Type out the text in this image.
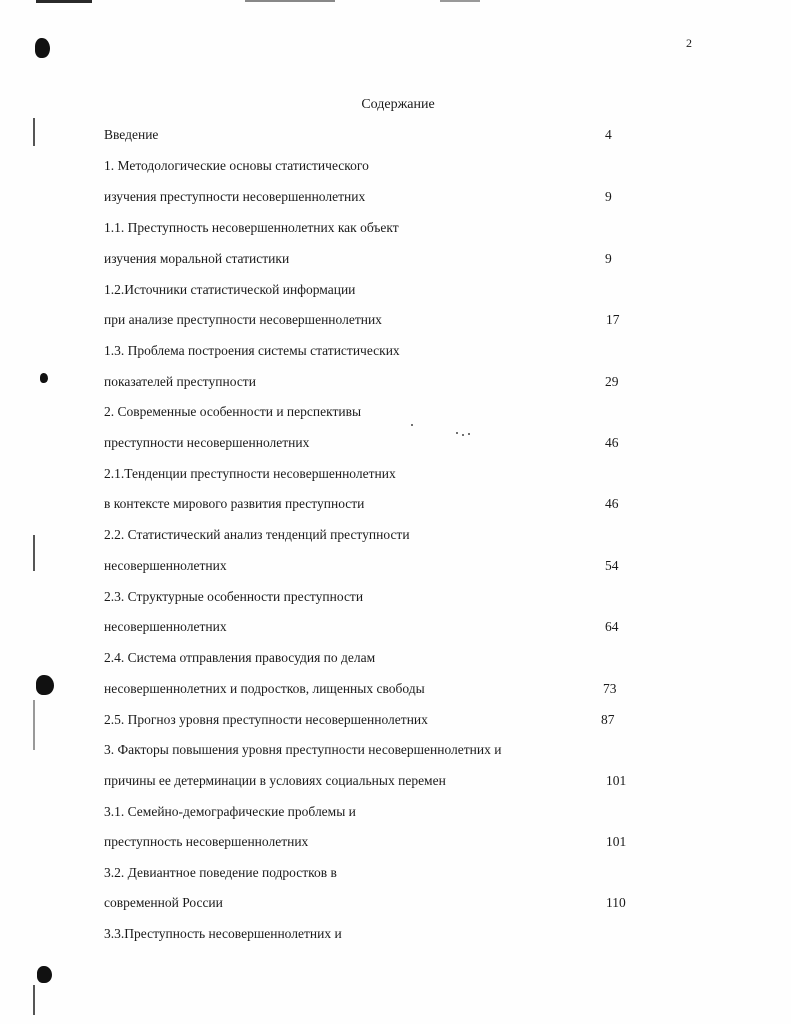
2
Содержание
Введение	4
1. Методологические основы статистического
изучения преступности несовершеннолетних	9
1.1. Преступность несовершеннолетних как объект
изучения моральной статистики	9
1.2.Источники статистической информации
при анализе преступности несовершеннолетних	17
1.3. Проблема построения системы статистических
показателей преступности	29
2. Современные особенности и перспективы
преступности несовершеннолетних	46
2.1.Тенденции преступности несовершеннолетних
в контексте мирового развития преступности	46
2.2. Статистический анализ тенденций преступности
несовершеннолетних	54
2.3. Структурные особенности преступности
несовершеннолетних	64
2.4. Система отправления правосудия по делам
несовершеннолетних и подростков, лищенных свободы	73
2.5. Прогноз уровня преступности несовершеннолетних	87
3. Факторы повышения уровня преступности несовершеннолетних и
причины ее детерминации в условиях социальных перемен	101
3.1. Семейно-демографические проблемы и
преступность несовершеннолетних	101
3.2. Девиантное поведение подростков в
современной России	110
3.3.Преступность несовершеннолетних и
